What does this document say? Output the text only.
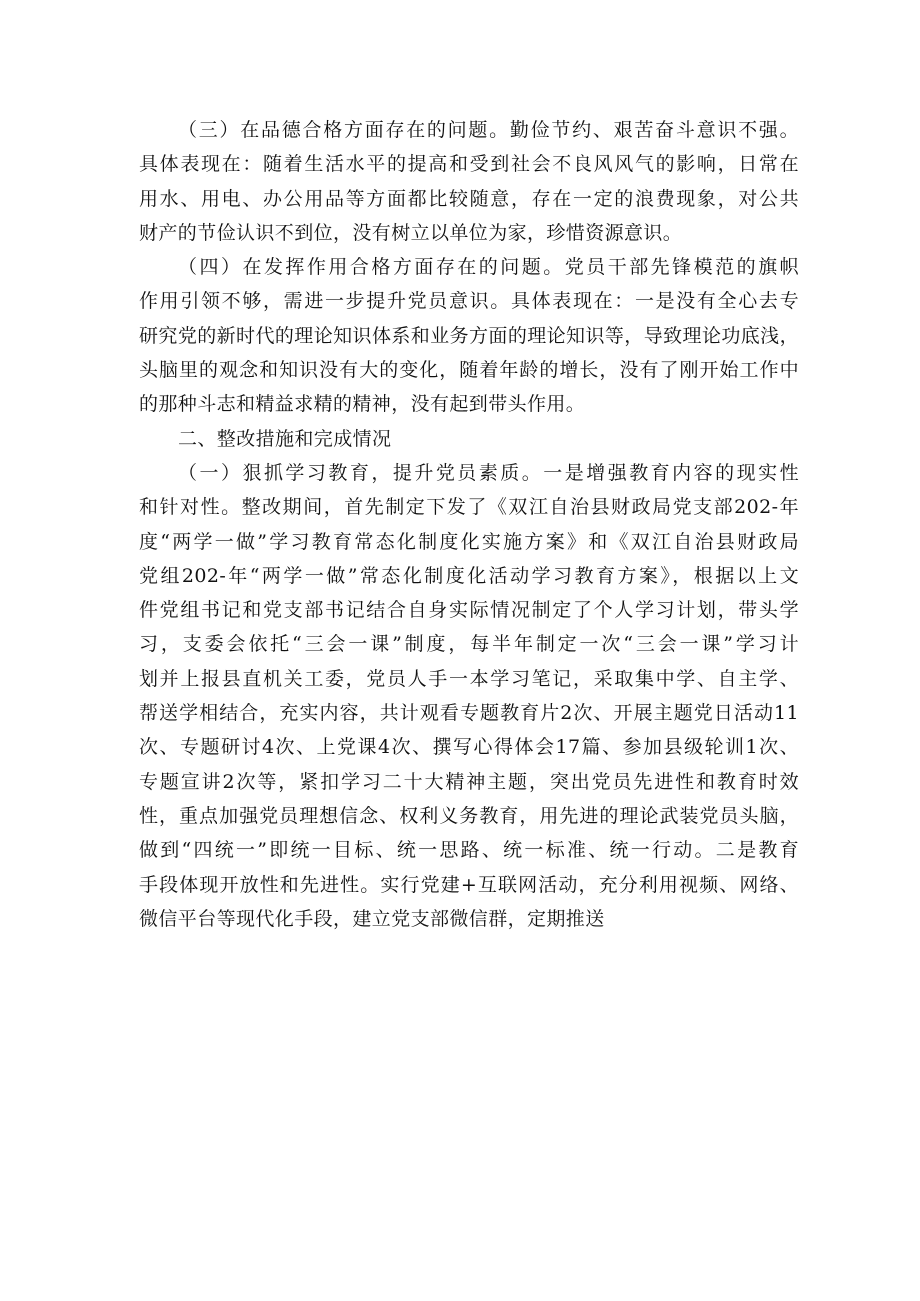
（三）在品德合格方面存在的问题。勤俭节约、艰苦奋斗意识不强。
具体表现在：随着生活水平的提高和受到社会不良风风气的影响，日常在
用水、用电、办公用品等方面都比较随意，存在一定的浪费现象，对公共
财产的节俭认识不到位，没有树立以单位为家，珍惜资源意识。
（四）在发挥作用合格方面存在的问题。党员干部先锋模范的旗帜
作用引领不够，需进一步提升党员意识。具体表现在：一是没有全心去专
研究党的新时代的理论知识体系和业务方面的理论知识等，导致理论功底浅，
头脑里的观念和知识没有大的变化，随着年龄的增长，没有了刚开始工作中
的那种斗志和精益求精的精神，没有起到带头作用。
二、整改措施和完成情况
（一）狠抓学习教育，提升党员素质。一是增强教育内容的现实性
和针对性。整改期间，首先制定下发了《双江自治县财政局党支部202-年
度“两学一做”学习教育常态化制度化实施方案》和《双江自治县财政局
党组202-年“两学一做”常态化制度化活动学习教育方案》，根据以上文
件党组书记和党支部书记结合自身实际情况制定了个人学习计划，带头学
习，支委会依托“三会一课”制度，每半年制定一次“三会一课”学习计
划并上报县直机关工委，党员人手一本学习笔记，采取集中学、自主学、
帮送学相结合，充实内容，共计观看专题教育片2次、开展主题党日活动11
次、专题研讨4次、上党课4次、撰写心得体会17篇、参加县级轮训1次、
专题宣讲2次等，紧扣学习二十大精神主题，突出党员先进性和教育时效
性，重点加强党员理想信念、权利义务教育，用先进的理论武装党员头脑，
做到“四统一”即统一目标、统一思路、统一标准、统一行动。二是教育
手段体现开放性和先进性。实行党建+互联网活动，充分利用视频、网络、
微信平台等现代化手段，建立党支部微信群，定期推送
